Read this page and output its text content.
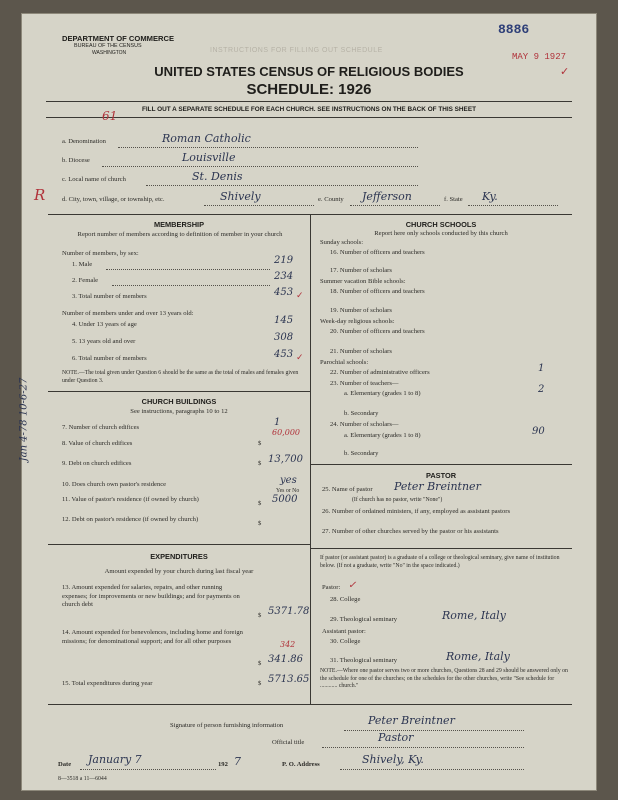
DEPARTMENT OF COMMERCE
BUREAU OF THE CENSUS
WASHINGTON
8886
INSTRUCTIONS FOR FILLING OUT SCHEDULE
MAY 9 1927
✓
UNITED STATES CENSUS OF RELIGIOUS BODIES
SCHEDULE: 1926
FILL OUT A SEPARATE SCHEDULE FOR EACH CHURCH. SEE INSTRUCTIONS ON THE BACK OF THIS SHEET
61
a. Denomination	Roman Catholic
b. Diocese	Louisville
c. Local name of church	St. Denis
R	d. City, town, village, or township, etc.	Shively	e. County Jefferson	f. State Ky.
MEMBERSHIP
Report number of members according to definition of member in your church
Number of members, by sex:
1. Male	219
2. Female	234
3. Total number of members	453 ✓
Number of members under and over 13 years old:
4. Under 13 years of age	145
5. 13 years old and over	308
6. Total number of members	453 ✓
NOTE.—The total given under Question 6 should be the same as the total of males and females given under Question 3.
CHURCH BUILDINGS
See instructions, paragraphs 10 to 12
7. Number of church edifices	1
8. Value of church edifices	$
60,000
9. Debt on church edifices	$ 13,700
10. Does church own pastor's residence	yes
Yes or No
11. Value of pastor's residence (if owned by church)
$ 5000
12. Debt on pastor's residence (if owned by church)
$
EXPENDITURES
Amount expended by your church during last fiscal year
13. Amount expended for salaries, repairs, and other running expenses; for improvements or new buildings; and for payments on church debt
$ 5371.78
14. Amount expended for benevolences, including home and foreign missions; for denominational support; and for all other purposes	342
$ 341.86
15. Total expenditures during year	$ 5713.65
CHURCH SCHOOLS
Report here only schools conducted by this church
Sunday schools:
16. Number of officers and teachers
17. Number of scholars
Summer vacation Bible schools:
18. Number of officers and teachers
19. Number of scholars
Week-day religious schools:
20. Number of officers and teachers
21. Number of scholars
Parochial schools:
22. Number of administrative officers	1
23. Number of teachers—
a. Elementary (grades 1 to 8)	2
b. Secondary
24. Number of scholars—
a. Elementary (grades 1 to 8)	90
b. Secondary
PASTOR
25. Name of pastor Peter Breintner
(If church has no pastor, write "None")
26. Number of ordained ministers, if any, employed as assistant pastors
27. Number of other churches served by the pastor or his assistants
If pastor (or assistant pastor) is a graduate of a college or theological seminary, give name of institution below. (If not a graduate, write "No" in the space indicated.)
Pastor: ✓
28. College
29. Theological seminary	Rome, Italy
Assistant pastor:
30. College
31. Theological seminary	Rome, Italy
NOTE.—Where one pastor serves two or more churches, Questions 28 and 29 should be answered only on the schedule for one of the churches; on the schedules for the other churches, write "See schedule for ............ church."
Signature of person furnishing information	Peter Breintner
Official title	Pastor
Date January 7	192 7	P. O. Address	Shively, Ky.
8—3518 a 11—6044
Jan 4-78 10-6-27
